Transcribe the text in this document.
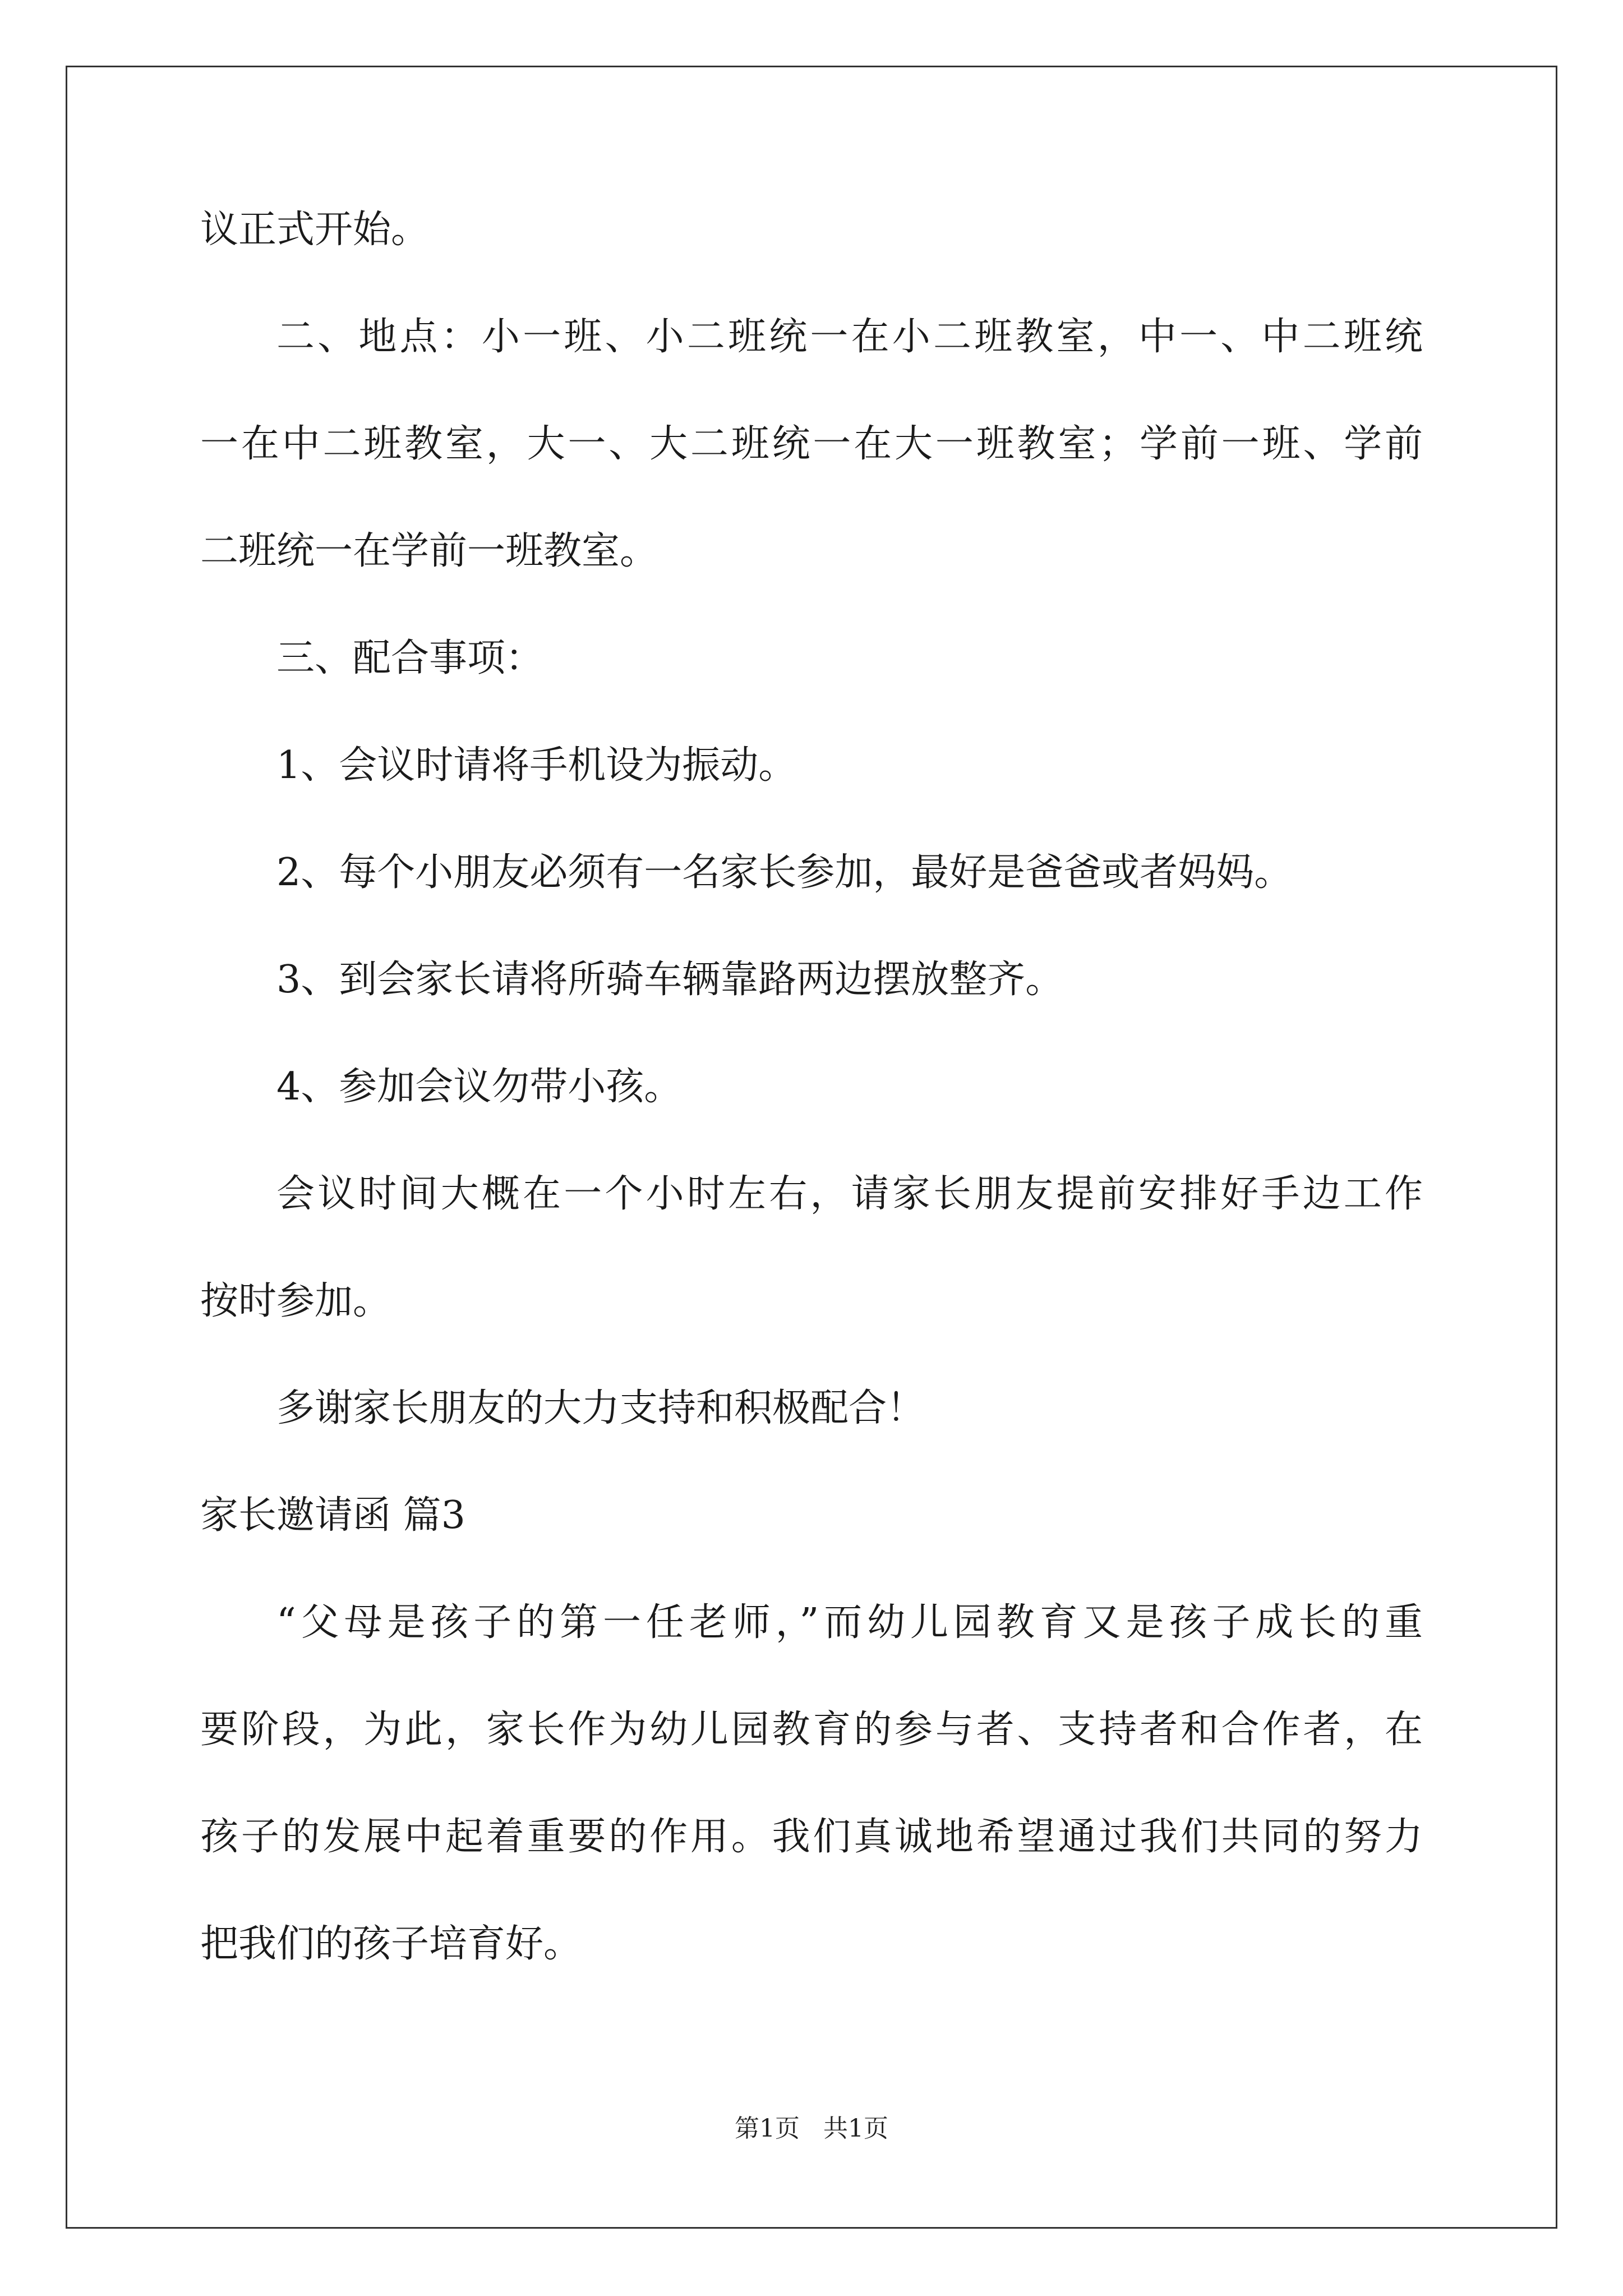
议正式开始。
二、地点：小一班、小二班统一在小二班教室，中一、中二班统
一在中二班教室，大一、大二班统一在大一班教室；学前一班、学前
二班统一在学前一班教室。
三、配合事项：
1、会议时请将手机设为振动。
2、每个小朋友必须有一名家长参加，最好是爸爸或者妈妈。
3、到会家长请将所骑车辆靠路两边摆放整齐。
4、参加会议勿带小孩。
会议时间大概在一个小时左右，请家长朋友提前安排好手边工作
按时参加。
多谢家长朋友的大力支持和积极配合！
家长邀请函 篇3
“父母是孩子的第一任老师，”而幼儿园教育又是孩子成长的重
要阶段，为此，家长作为幼儿园教育的参与者、支持者和合作者，在
孩子的发展中起着重要的作用。我们真诚地希望通过我们共同的努力
把我们的孩子培育好。
第1页 共1页
